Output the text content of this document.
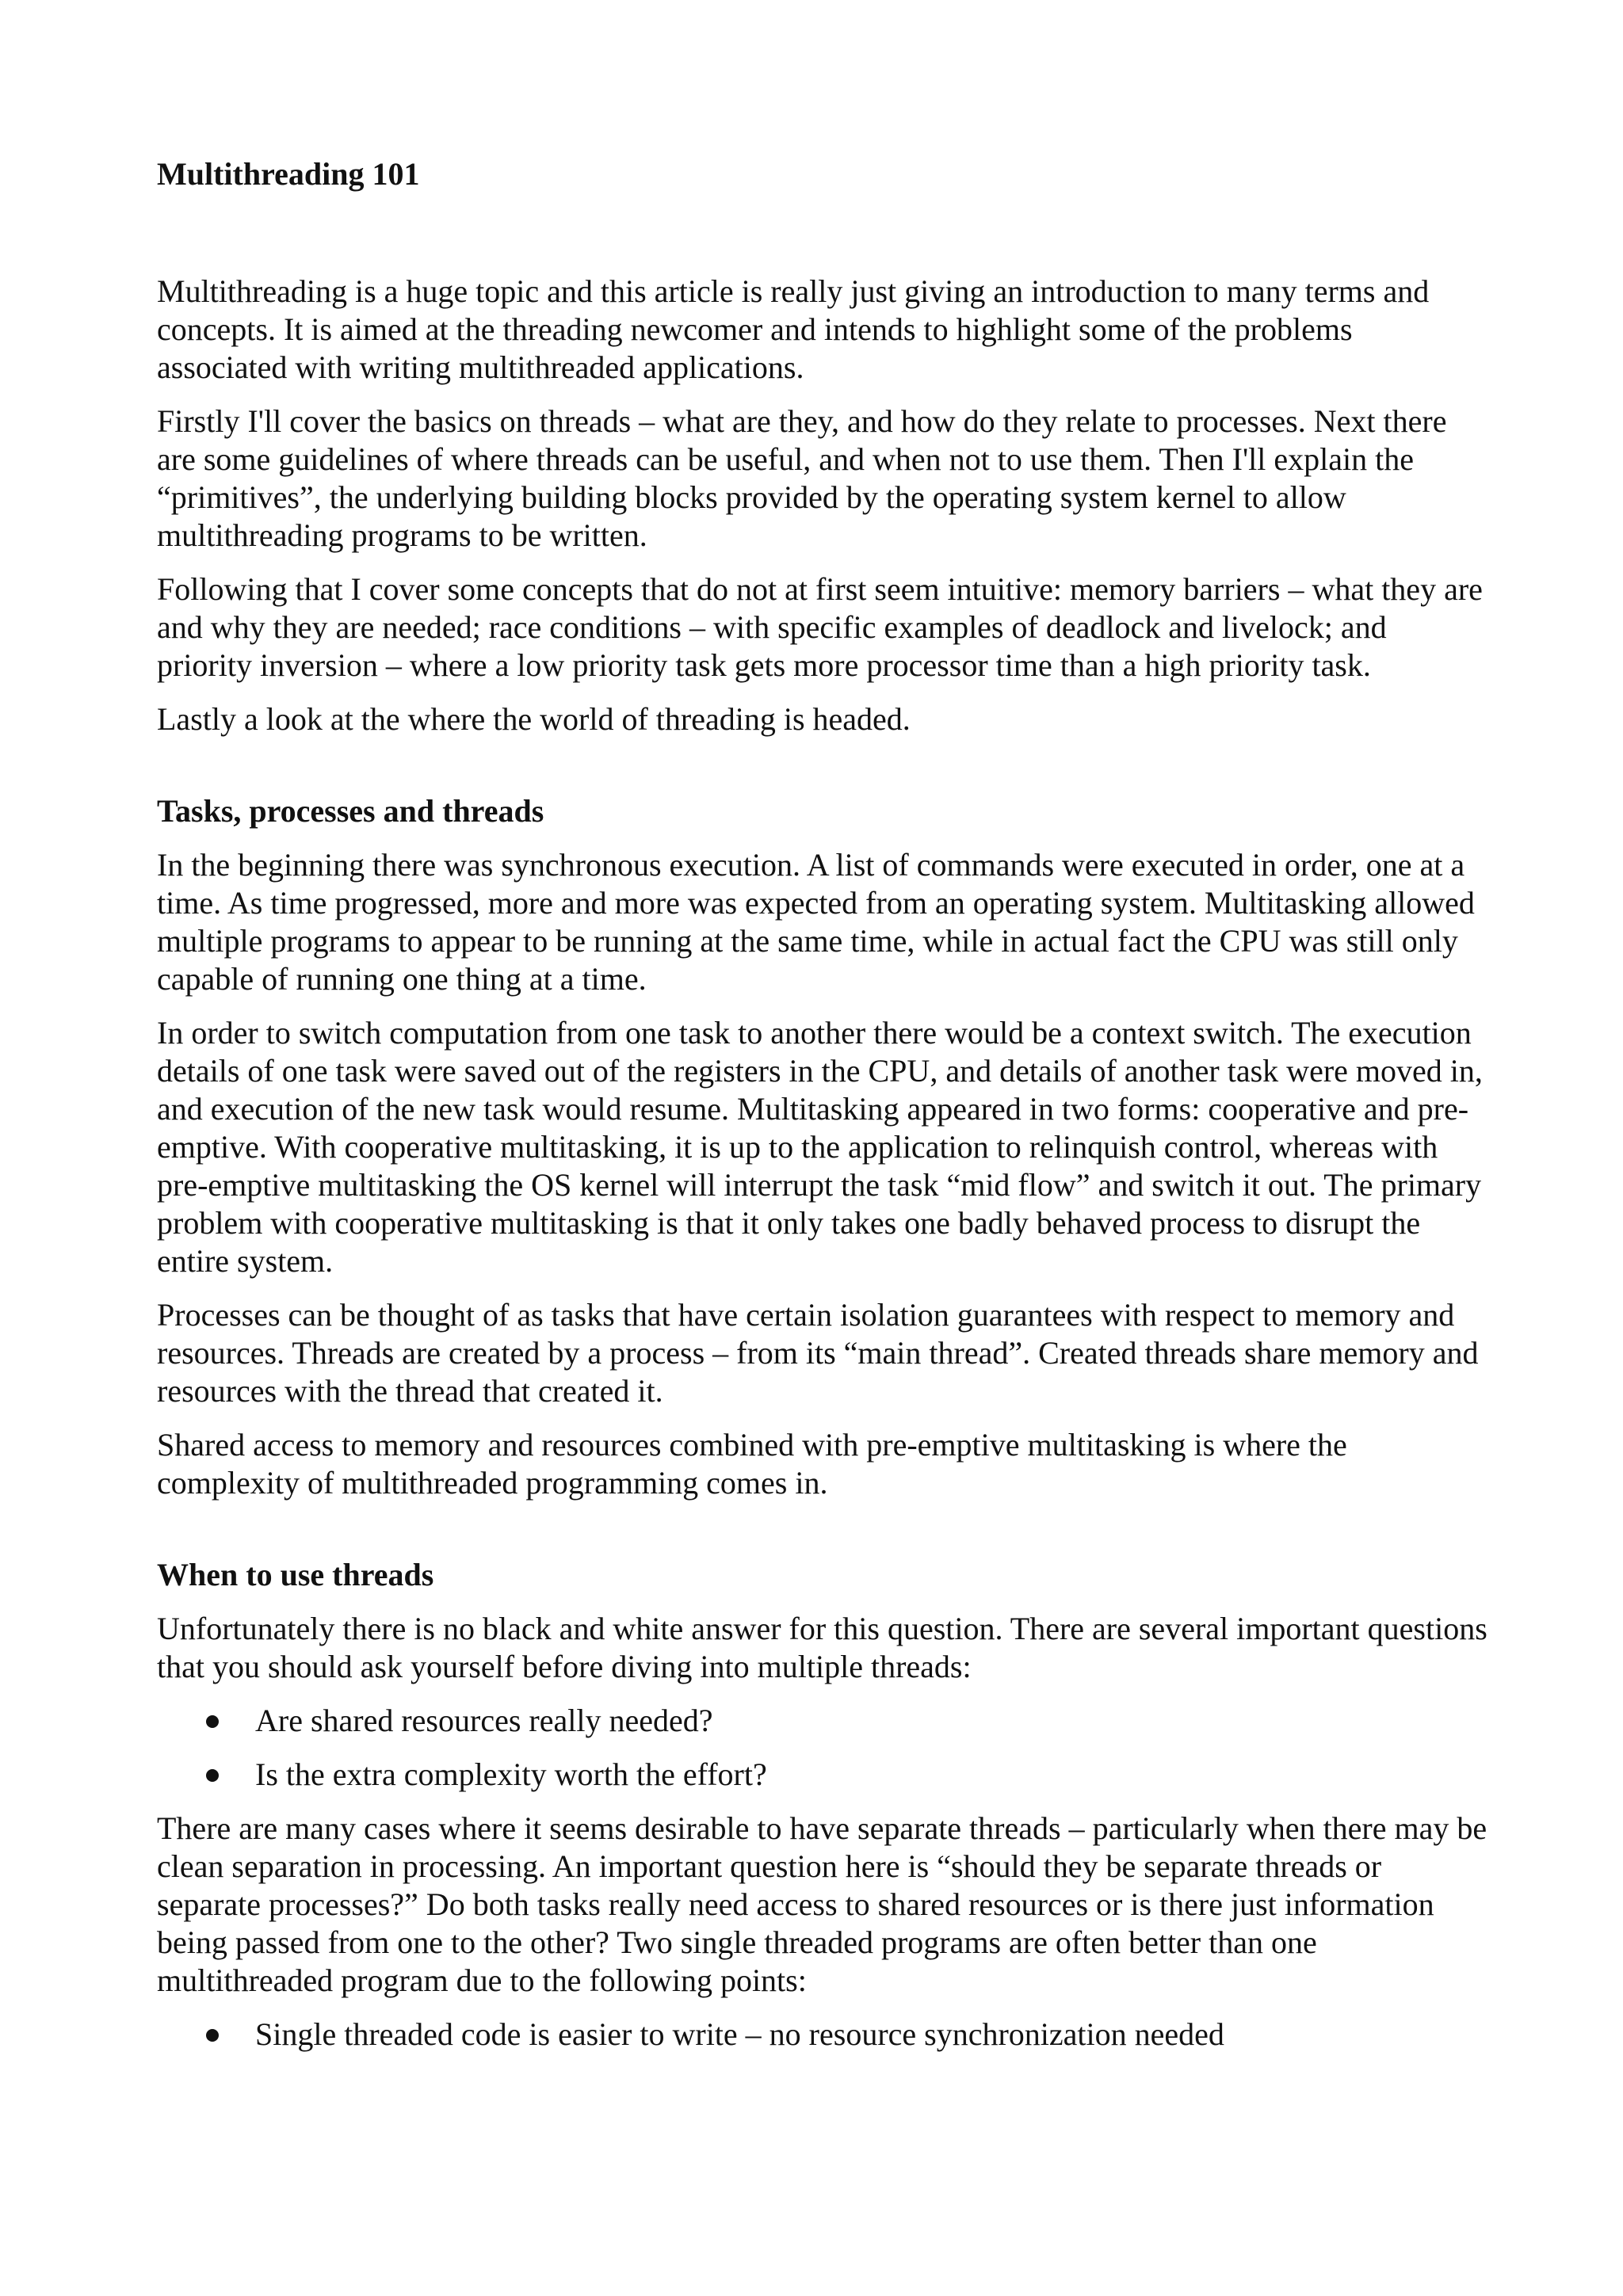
Multithreading 101

Multithreading is a huge topic and this article is really just giving an introduction to many terms and concepts. It is aimed at the threading newcomer and intends to highlight some of the problems associated with writing multithreaded applications.

Firstly I'll cover the basics on threads – what are they, and how do they relate to processes. Next there are some guidelines of where threads can be useful, and when not to use them. Then I'll explain the “primitives”, the underlying building blocks provided by the operating system kernel to allow multithreading programs to be written.

Following that I cover some concepts that do not at first seem intuitive: memory barriers – what they are and why they are needed; race conditions – with specific examples of deadlock and livelock; and priority inversion – where a low priority task gets more processor time than a high priority task.

Lastly a look at the where the world of threading is headed.

Tasks, processes and threads

In the beginning there was synchronous execution. A list of commands were executed in order, one at a time. As time progressed, more and more was expected from an operating system. Multitasking allowed multiple programs to appear to be running at the same time, while in actual fact the CPU was still only capable of running one thing at a time.

In order to switch computation from one task to another there would be a context switch. The execution details of one task were saved out of the registers in the CPU, and details of another task were moved in, and execution of the new task would resume. Multitasking appeared in two forms: cooperative and pre-emptive. With cooperative multitasking, it is up to the application to relinquish control, whereas with pre-emptive multitasking the OS kernel will interrupt the task “mid flow” and switch it out. The primary problem with cooperative multitasking is that it only takes one badly behaved process to disrupt the entire system.

Processes can be thought of as tasks that have certain isolation guarantees with respect to memory and resources. Threads are created by a process – from its “main thread”. Created threads share memory and resources with the thread that created it.

Shared access to memory and resources combined with pre-emptive multitasking is where the complexity of multithreaded programming comes in.

When to use threads

Unfortunately there is no black and white answer for this question. There are several important questions that you should ask yourself before diving into multiple threads:

Are shared resources really needed?
Is the extra complexity worth the effort?

There are many cases where it seems desirable to have separate threads – particularly when there may be clean separation in processing. An important question here is “should they be separate threads or separate processes?” Do both tasks really need access to shared resources or is there just information being passed from one to the other? Two single threaded programs are often better than one multithreaded program due to the following points:

Single threaded code is easier to write – no resource synchronization needed
